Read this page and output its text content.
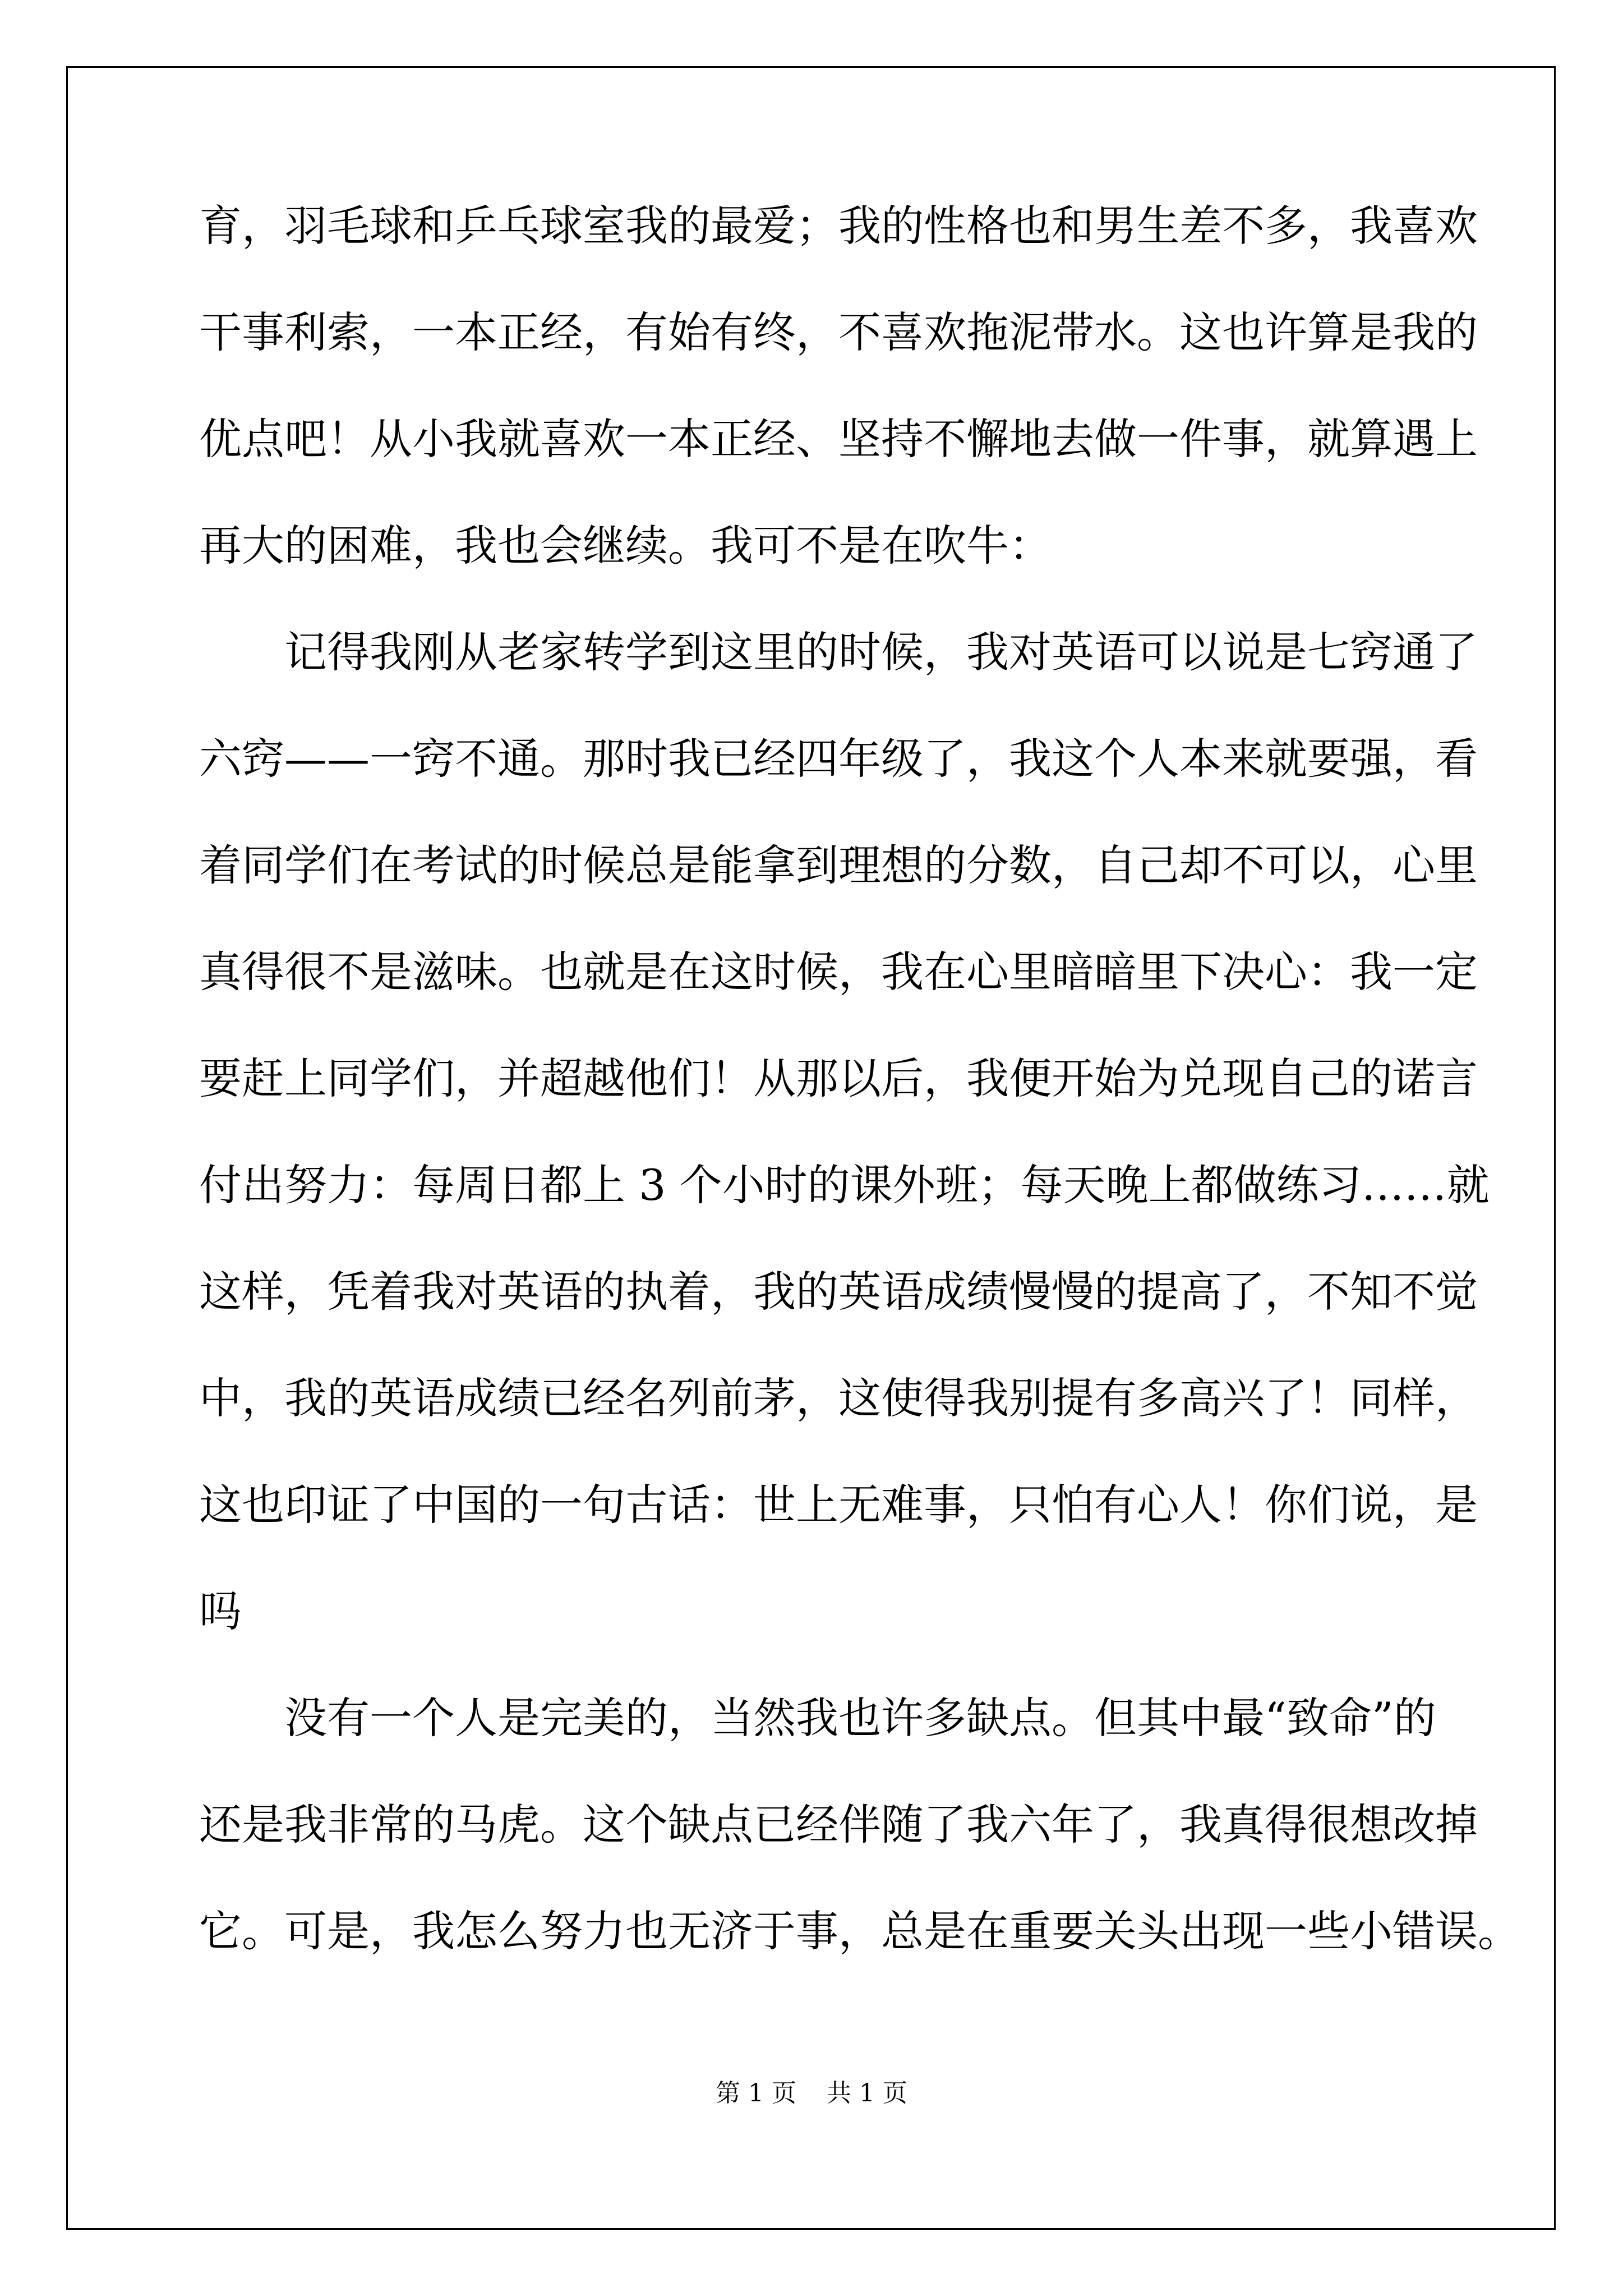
育，羽毛球和乒乓球室我的最爱；我的性格也和男生差不多，我喜欢
干事利索，一本正经，有始有终，不喜欢拖泥带水。这也许算是我的
优点吧！从小我就喜欢一本正经、坚持不懈地去做一件事，就算遇上
再大的困难，我也会继续。我可不是在吹牛：
记得我刚从老家转学到这里的时候，我对英语可以说是七窍通了
六窍——一窍不通。那时我已经四年级了，我这个人本来就要强，看
着同学们在考试的时候总是能拿到理想的分数，自己却不可以，心里
真得很不是滋味。也就是在这时候，我在心里暗暗里下决心：我一定
要赶上同学们，并超越他们！从那以后，我便开始为兑现自己的诺言
付出努力：每周日都上 3 个小时的课外班；每天晚上都做练习……就
这样，凭着我对英语的执着，我的英语成绩慢慢的提高了，不知不觉
中，我的英语成绩已经名列前茅，这使得我别提有多高兴了！同样，
这也印证了中国的一句古话：世上无难事，只怕有心人！你们说，是
吗
没有一个人是完美的，当然我也许多缺点。但其中最“致命”的
还是我非常的马虎。这个缺点已经伴随了我六年了，我真得很想改掉
它。可是，我怎么努力也无济于事，总是在重要关头出现一些小错误。
第 1 页 共 1 页
